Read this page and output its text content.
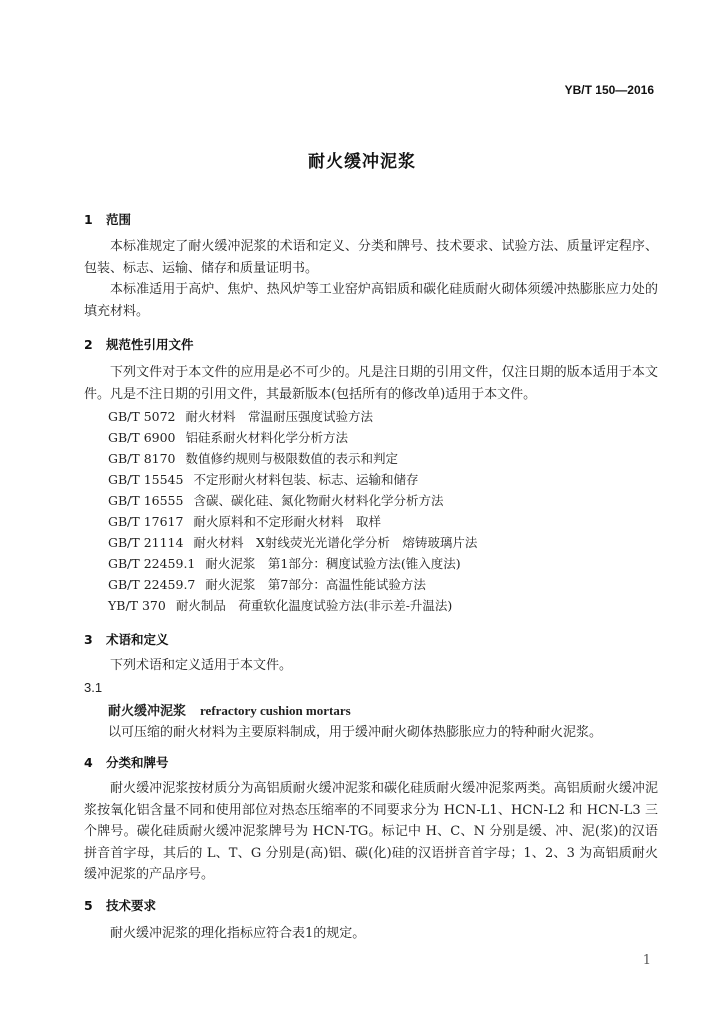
YB/T 150—2016
耐火缓冲泥浆
1 范围

本标准规定了耐火缓冲泥浆的术语和定义、分类和牌号、技术要求、试验方法、质量评定程序、包装、标志、运输、储存和质量证明书。

本标准适用于高炉、焦炉、热风炉等工业窑炉高铝质和碳化硅质耐火砌体须缓冲热膨胀应力处的填充材料。

2 规范性引用文件

下列文件对于本文件的应用是必不可少的。凡是注日期的引用文件，仅注日期的版本适用于本文件。凡是不注日期的引用文件，其最新版本(包括所有的修改单)适用于本文件。

GB/T 5072 耐火材料　常温耐压强度试验方法
GB/T 6900 铝硅系耐火材料化学分析方法
GB/T 8170 数值修约规则与极限数值的表示和判定
GB/T 15545 不定形耐火材料包装、标志、运输和储存
GB/T 16555 含碳、碳化硅、氮化物耐火材料化学分析方法
GB/T 17617 耐火原料和不定形耐火材料　取样
GB/T 21114 耐火材料　X射线荧光光谱化学分析　熔铸玻璃片法
GB/T 22459.1 耐火泥浆　第1部分：稠度试验方法(锥入度法)
GB/T 22459.7 耐火泥浆　第7部分：高温性能试验方法
YB/T 370 耐火制品　荷重软化温度试验方法(非示差-升温法)
3 术语和定义

下列术语和定义适用于本文件。

3.1
耐火缓冲泥浆 refractory cushion mortars
以可压缩的耐火材料为主要原料制成，用于缓冲耐火砌体热膨胀应力的特种耐火泥浆。
4 分类和牌号

耐火缓冲泥浆按材质分为高铝质耐火缓冲泥浆和碳化硅质耐火缓冲泥浆两类。高铝质耐火缓冲泥浆按氧化铝含量不同和使用部位对热态压缩率的不同要求分为 HCN-L1、HCN-L2 和 HCN-L3 三个牌号。碳化硅质耐火缓冲泥浆牌号为 HCN-TG。标记中 H、C、N 分别是缓、冲、泥(浆)的汉语拼音首字母，其后的 L、T、G 分别是(高)铝、碳(化)硅的汉语拼音首字母；1、2、3 为高铝质耐火缓冲泥浆的产品序号。

5 技术要求

耐火缓冲泥浆的理化指标应符合表1的规定。

1
